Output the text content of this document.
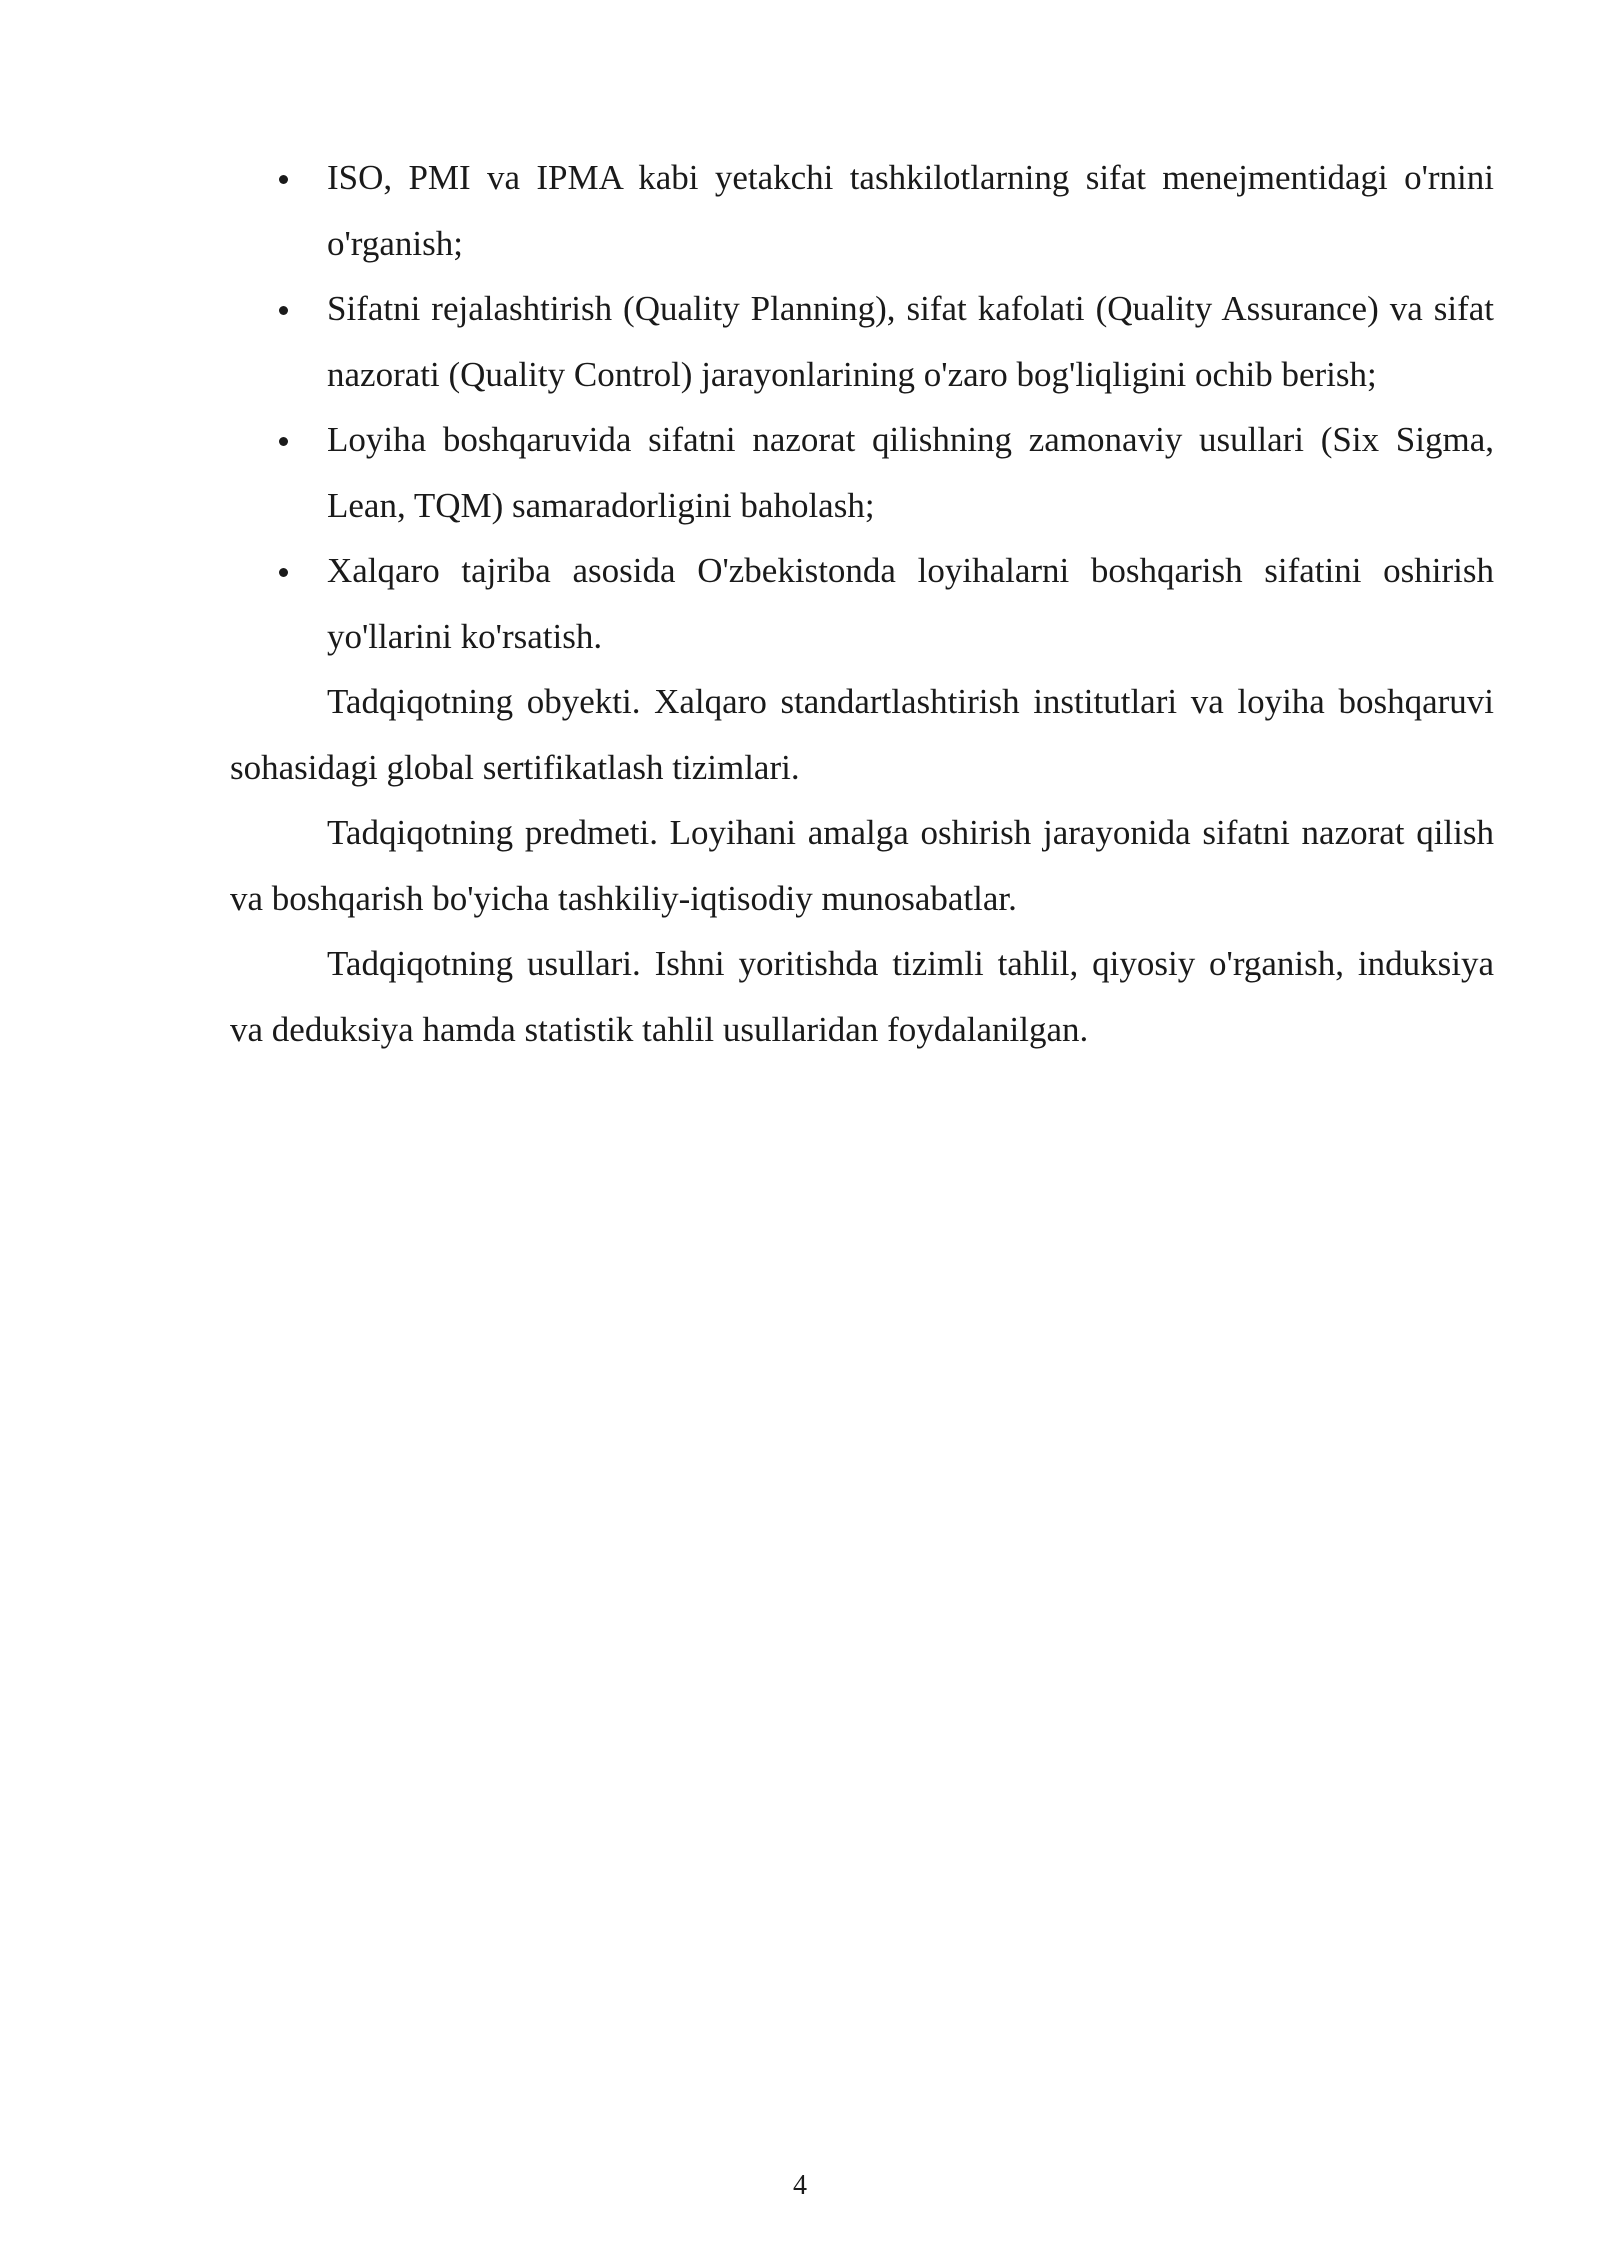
ISO, PMI va IPMA kabi yetakchi tashkilotlarning sifat menejmentidagi o'rnini o'rganish;
Sifatni rejalashtirish (Quality Planning), sifat kafolati (Quality Assurance) va sifat nazorati (Quality Control) jarayonlarining o'zaro bog'liqligini ochib berish;
Loyiha boshqaruvida sifatni nazorat qilishning zamonaviy usullari (Six Sigma, Lean, TQM) samaradorligini baholash;
Xalqaro tajriba asosida O'zbekistonda loyihalarni boshqarish sifatini oshirish yo'llarini ko'rsatish.

Tadqiqotning obyekti. Xalqaro standartlashtirish institutlari va loyiha boshqaruvi sohasidagi global sertifikatlash tizimlari.

Tadqiqotning predmeti. Loyihani amalga oshirish jarayonida sifatni nazorat qilish va boshqarish bo'yicha tashkiliy-iqtisodiy munosabatlar.

Tadqiqotning usullari. Ishni yoritishda tizimli tahlil, qiyosiy o'rganish, induksiya va deduksiya hamda statistik tahlil usullaridan foydalanilgan.

4
